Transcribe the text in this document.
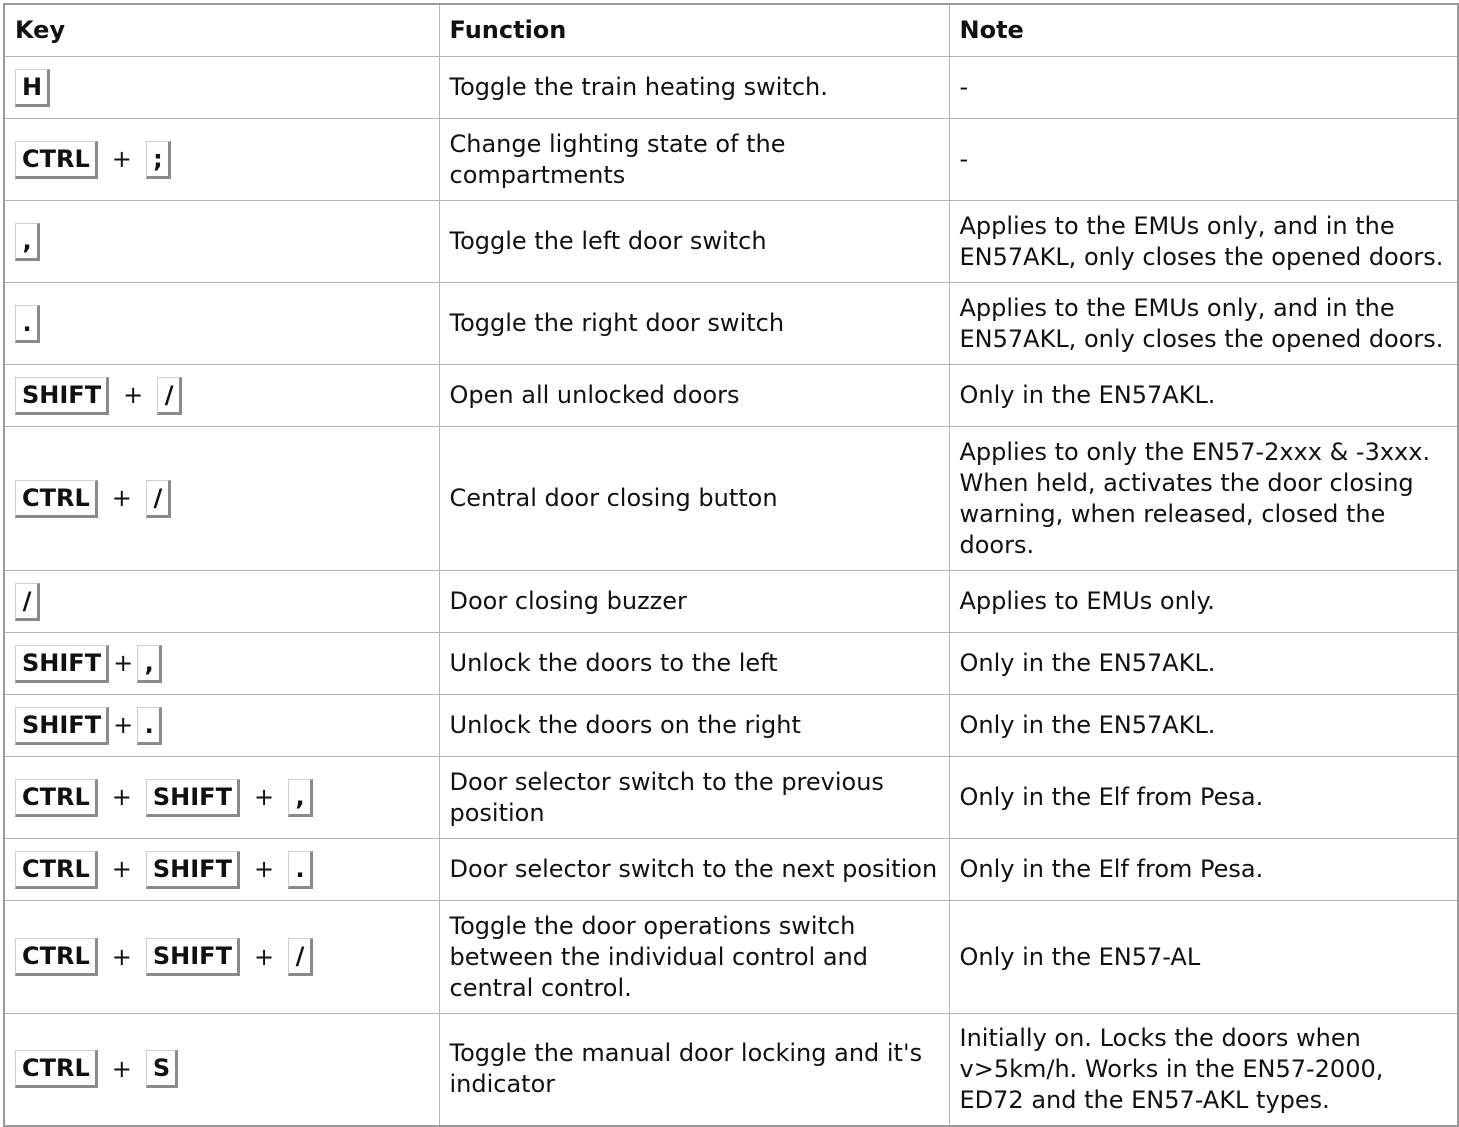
Key	Function	Note

H	Toggle the train heating switch.	-

CTRL + ;	Change lighting state of the compartments	-

,	Toggle the left door switch	Applies to the EMUs only, and in the EN57AKL, only closes the opened doors.

.	Toggle the right door switch	Applies to the EMUs only, and in the EN57AKL, only closes the opened doors.

SHIFT + /	Open all unlocked doors	Only in the EN57AKL.

CTRL + /	Central door closing button	Applies to only the EN57-2xxx & -3xxx. When held, activates the door closing warning, when released, closed the doors.

/	Door closing buzzer	Applies to EMUs only.

SHIFT + ,	Unlock the doors to the left	Only in the EN57AKL.

SHIFT + .	Unlock the doors on the right	Only in the EN57AKL.

CTRL + SHIFT + ,	Door selector switch to the previous position	Only in the Elf from Pesa.

CTRL + SHIFT + .	Door selector switch to the next position	Only in the Elf from Pesa.

CTRL + SHIFT + /	Toggle the door operations switch between the individual control and central control.	Only in the EN57-AL

CTRL + S	Toggle the manual door locking and it's indicator	Initially on. Locks the doors when v>5km/h. Works in the EN57-2000, ED72 and the EN57-AKL types.
